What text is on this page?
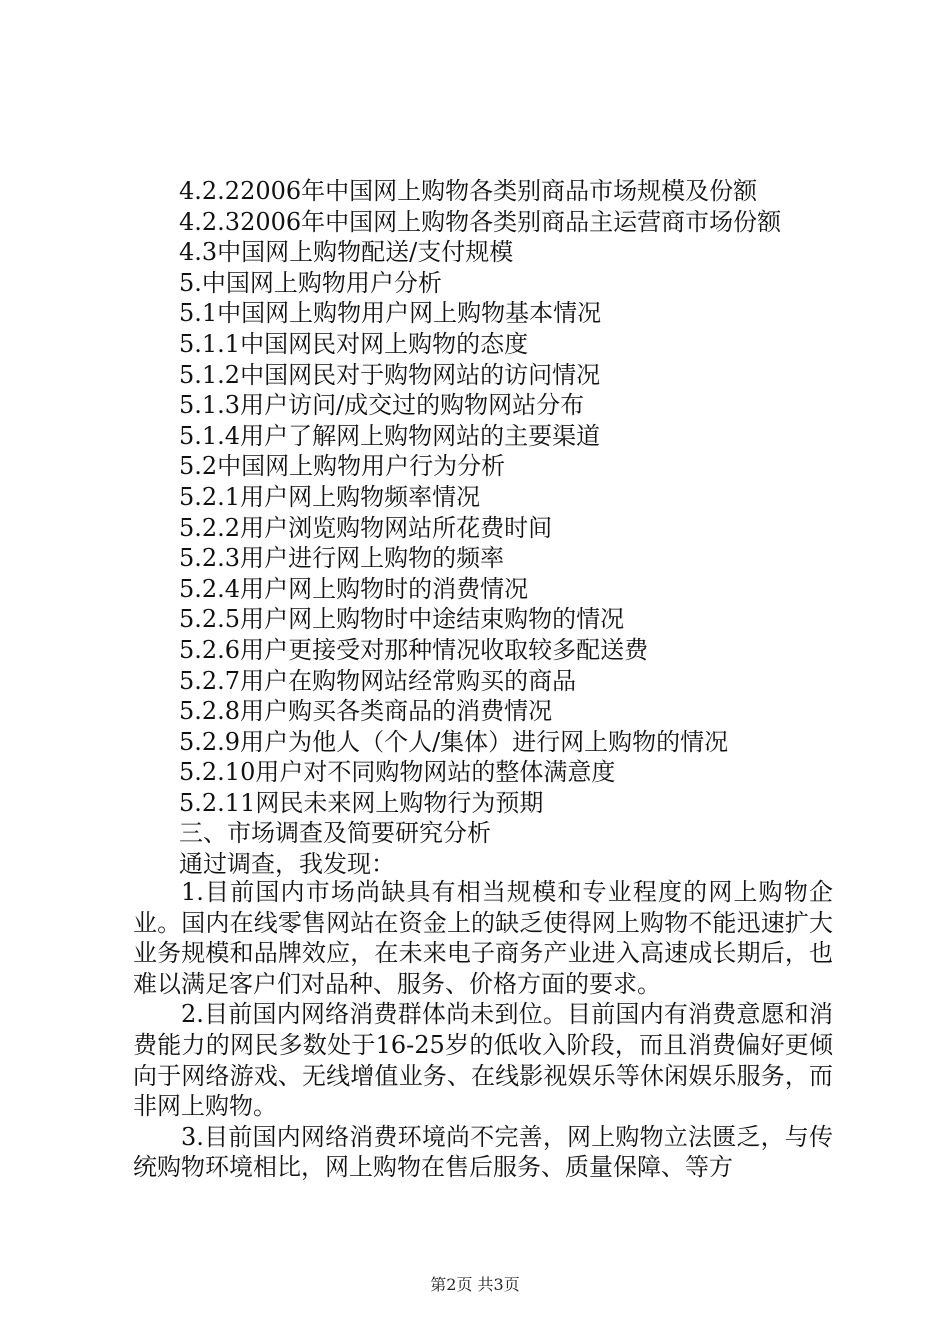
4.2.22006年中国网上购物各类别商品市场规模及份额
4.2.32006年中国网上购物各类别商品主运营商市场份额
4.3中国网上购物配送/支付规模
5.中国网上购物用户分析
5.1中国网上购物用户网上购物基本情况
5.1.1中国网民对网上购物的态度
5.1.2中国网民对于购物网站的访问情况
5.1.3用户访问/成交过的购物网站分布
5.1.4用户了解网上购物网站的主要渠道
5.2中国网上购物用户行为分析
5.2.1用户网上购物频率情况
5.2.2用户浏览购物网站所花费时间
5.2.3用户进行网上购物的频率
5.2.4用户网上购物时的消费情况
5.2.5用户网上购物时中途结束购物的情况
5.2.6用户更接受对那种情况收取较多配送费
5.2.7用户在购物网站经常购买的商品
5.2.8用户购买各类商品的消费情况
5.2.9用户为他人（个人/集体）进行网上购物的情况
5.2.10用户对不同购物网站的整体满意度
5.2.11网民未来网上购物行为预期
三、市场调查及简要研究分析
通过调查，我发现：

1.目前国内市场尚缺具有相当规模和专业程度的网上购物企业。国内在线零售网站在资金上的缺乏使得网上购物不能迅速扩大业务规模和品牌效应，在未来电子商务产业进入高速成长期后，也难以满足客户们对品种、服务、价格方面的要求。

2.目前国内网络消费群体尚未到位。目前国内有消费意愿和消费能力的网民多数处于16-25岁的低收入阶段，而且消费偏好更倾向于网络游戏、无线增值业务、在线影视娱乐等休闲娱乐服务，而非网上购物。

3.目前国内网络消费环境尚不完善，网上购物立法匮乏，与传统购物环境相比，网上购物在售后服务、质量保障、等方

第2页 共3页
